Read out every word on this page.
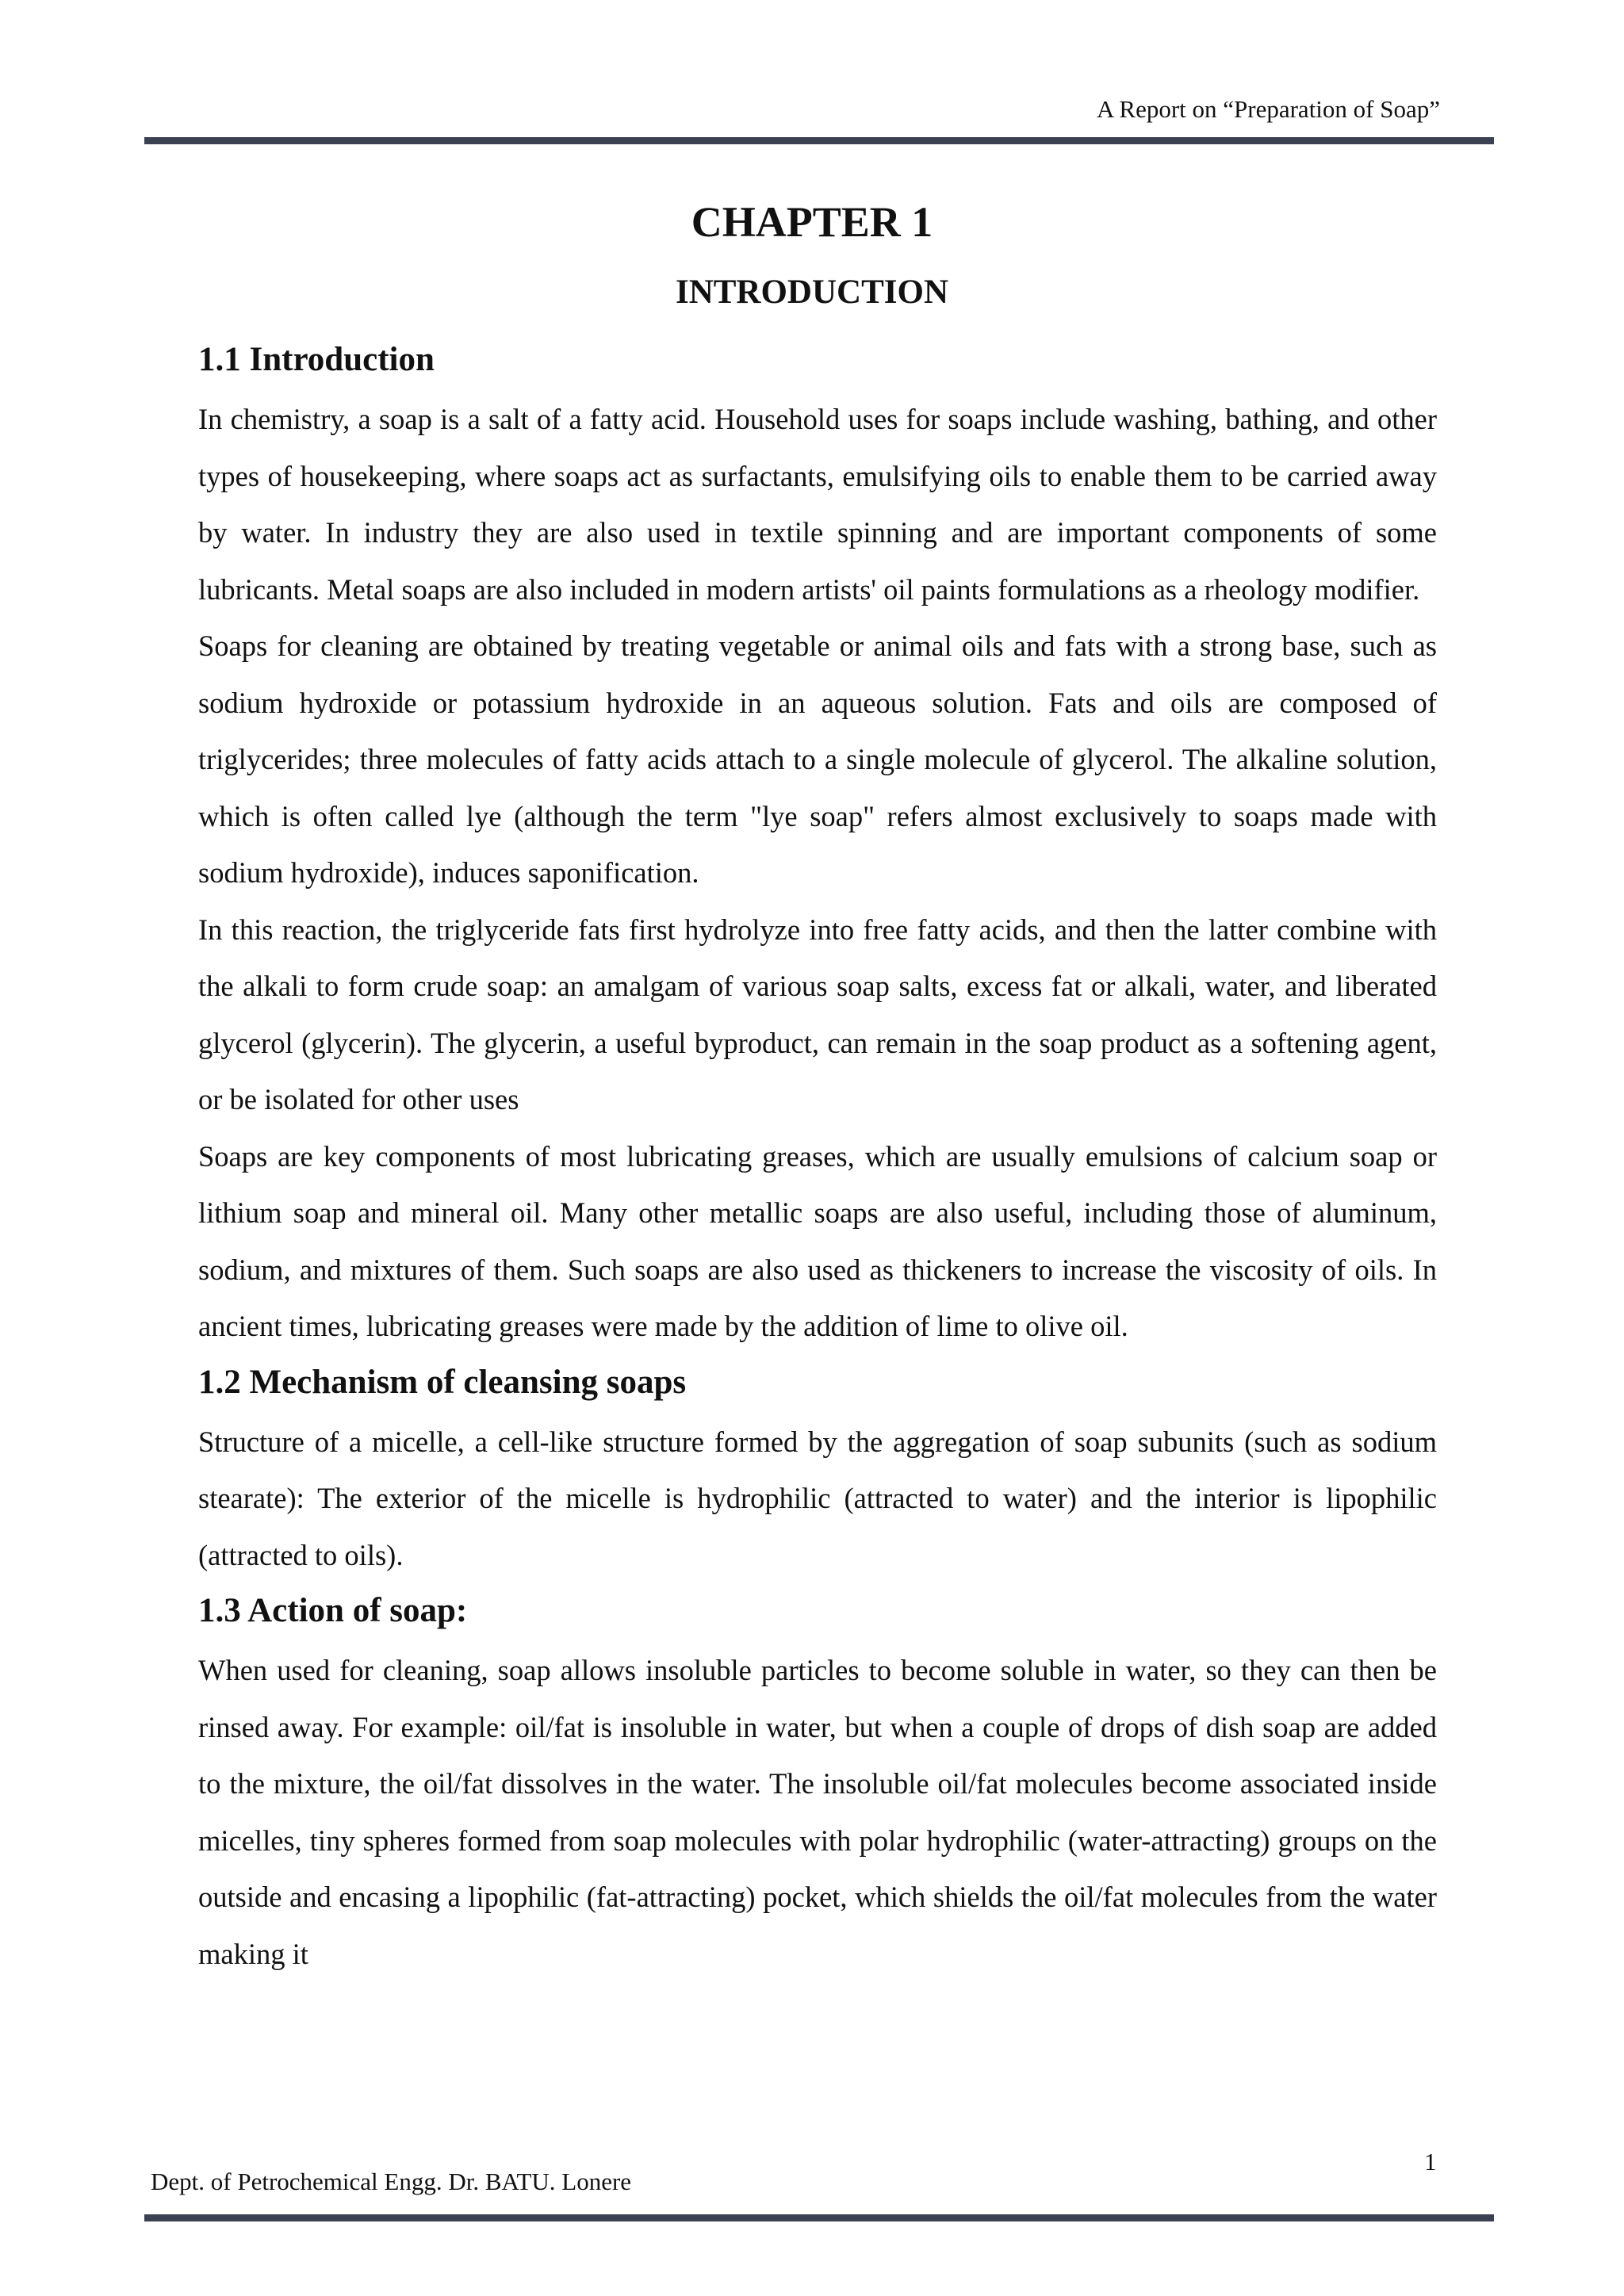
A Report on “Preparation of Soap”
CHAPTER 1
INTRODUCTION
1.1 Introduction

In chemistry, a soap is a salt of a fatty acid. Household uses for soaps include washing, bathing, and other types of housekeeping, where soaps act as surfactants, emulsifying oils to enable them to be carried away by water. In industry they are also used in textile spinning and are important components of some lubricants. Metal soaps are also included in modern artists' oil paints formulations as a rheology modifier.

Soaps for cleaning are obtained by treating vegetable or animal oils and fats with a strong base, such as sodium hydroxide or potassium hydroxide in an aqueous solution. Fats and oils are composed of triglycerides; three molecules of fatty acids attach to a single molecule of glycerol. The alkaline solution, which is often called lye (although the term "lye soap" refers almost exclusively to soaps made with sodium hydroxide), induces saponification.

In this reaction, the triglyceride fats first hydrolyze into free fatty acids, and then the latter combine with the alkali to form crude soap: an amalgam of various soap salts, excess fat or alkali, water, and liberated glycerol (glycerin). The glycerin, a useful byproduct, can remain in the soap product as a softening agent, or be isolated for other uses

Soaps are key components of most lubricating greases, which are usually emulsions of calcium soap or lithium soap and mineral oil. Many other metallic soaps are also useful, including those of aluminum, sodium, and mixtures of them. Such soaps are also used as thickeners to increase the viscosity of oils. In ancient times, lubricating greases were made by the addition of lime to olive oil.

1.2 Mechanism of cleansing soaps

Structure of a micelle, a cell-like structure formed by the aggregation of soap subunits (such as sodium stearate): The exterior of the micelle is hydrophilic (attracted to water) and the interior is lipophilic (attracted to oils).

1.3 Action of soap:

When used for cleaning, soap allows insoluble particles to become soluble in water, so they can then be rinsed away. For example: oil/fat is insoluble in water, but when a couple of drops of dish soap are added to the mixture, the oil/fat dissolves in the water. The insoluble oil/fat molecules become associated inside micelles, tiny spheres formed from soap molecules with polar hydrophilic (water-attracting) groups on the outside and encasing a lipophilic (fat-attracting) pocket, which shields the oil/fat molecules from the water making it

Dept. of Petrochemical Engg. Dr. BATU. Lonere
1
